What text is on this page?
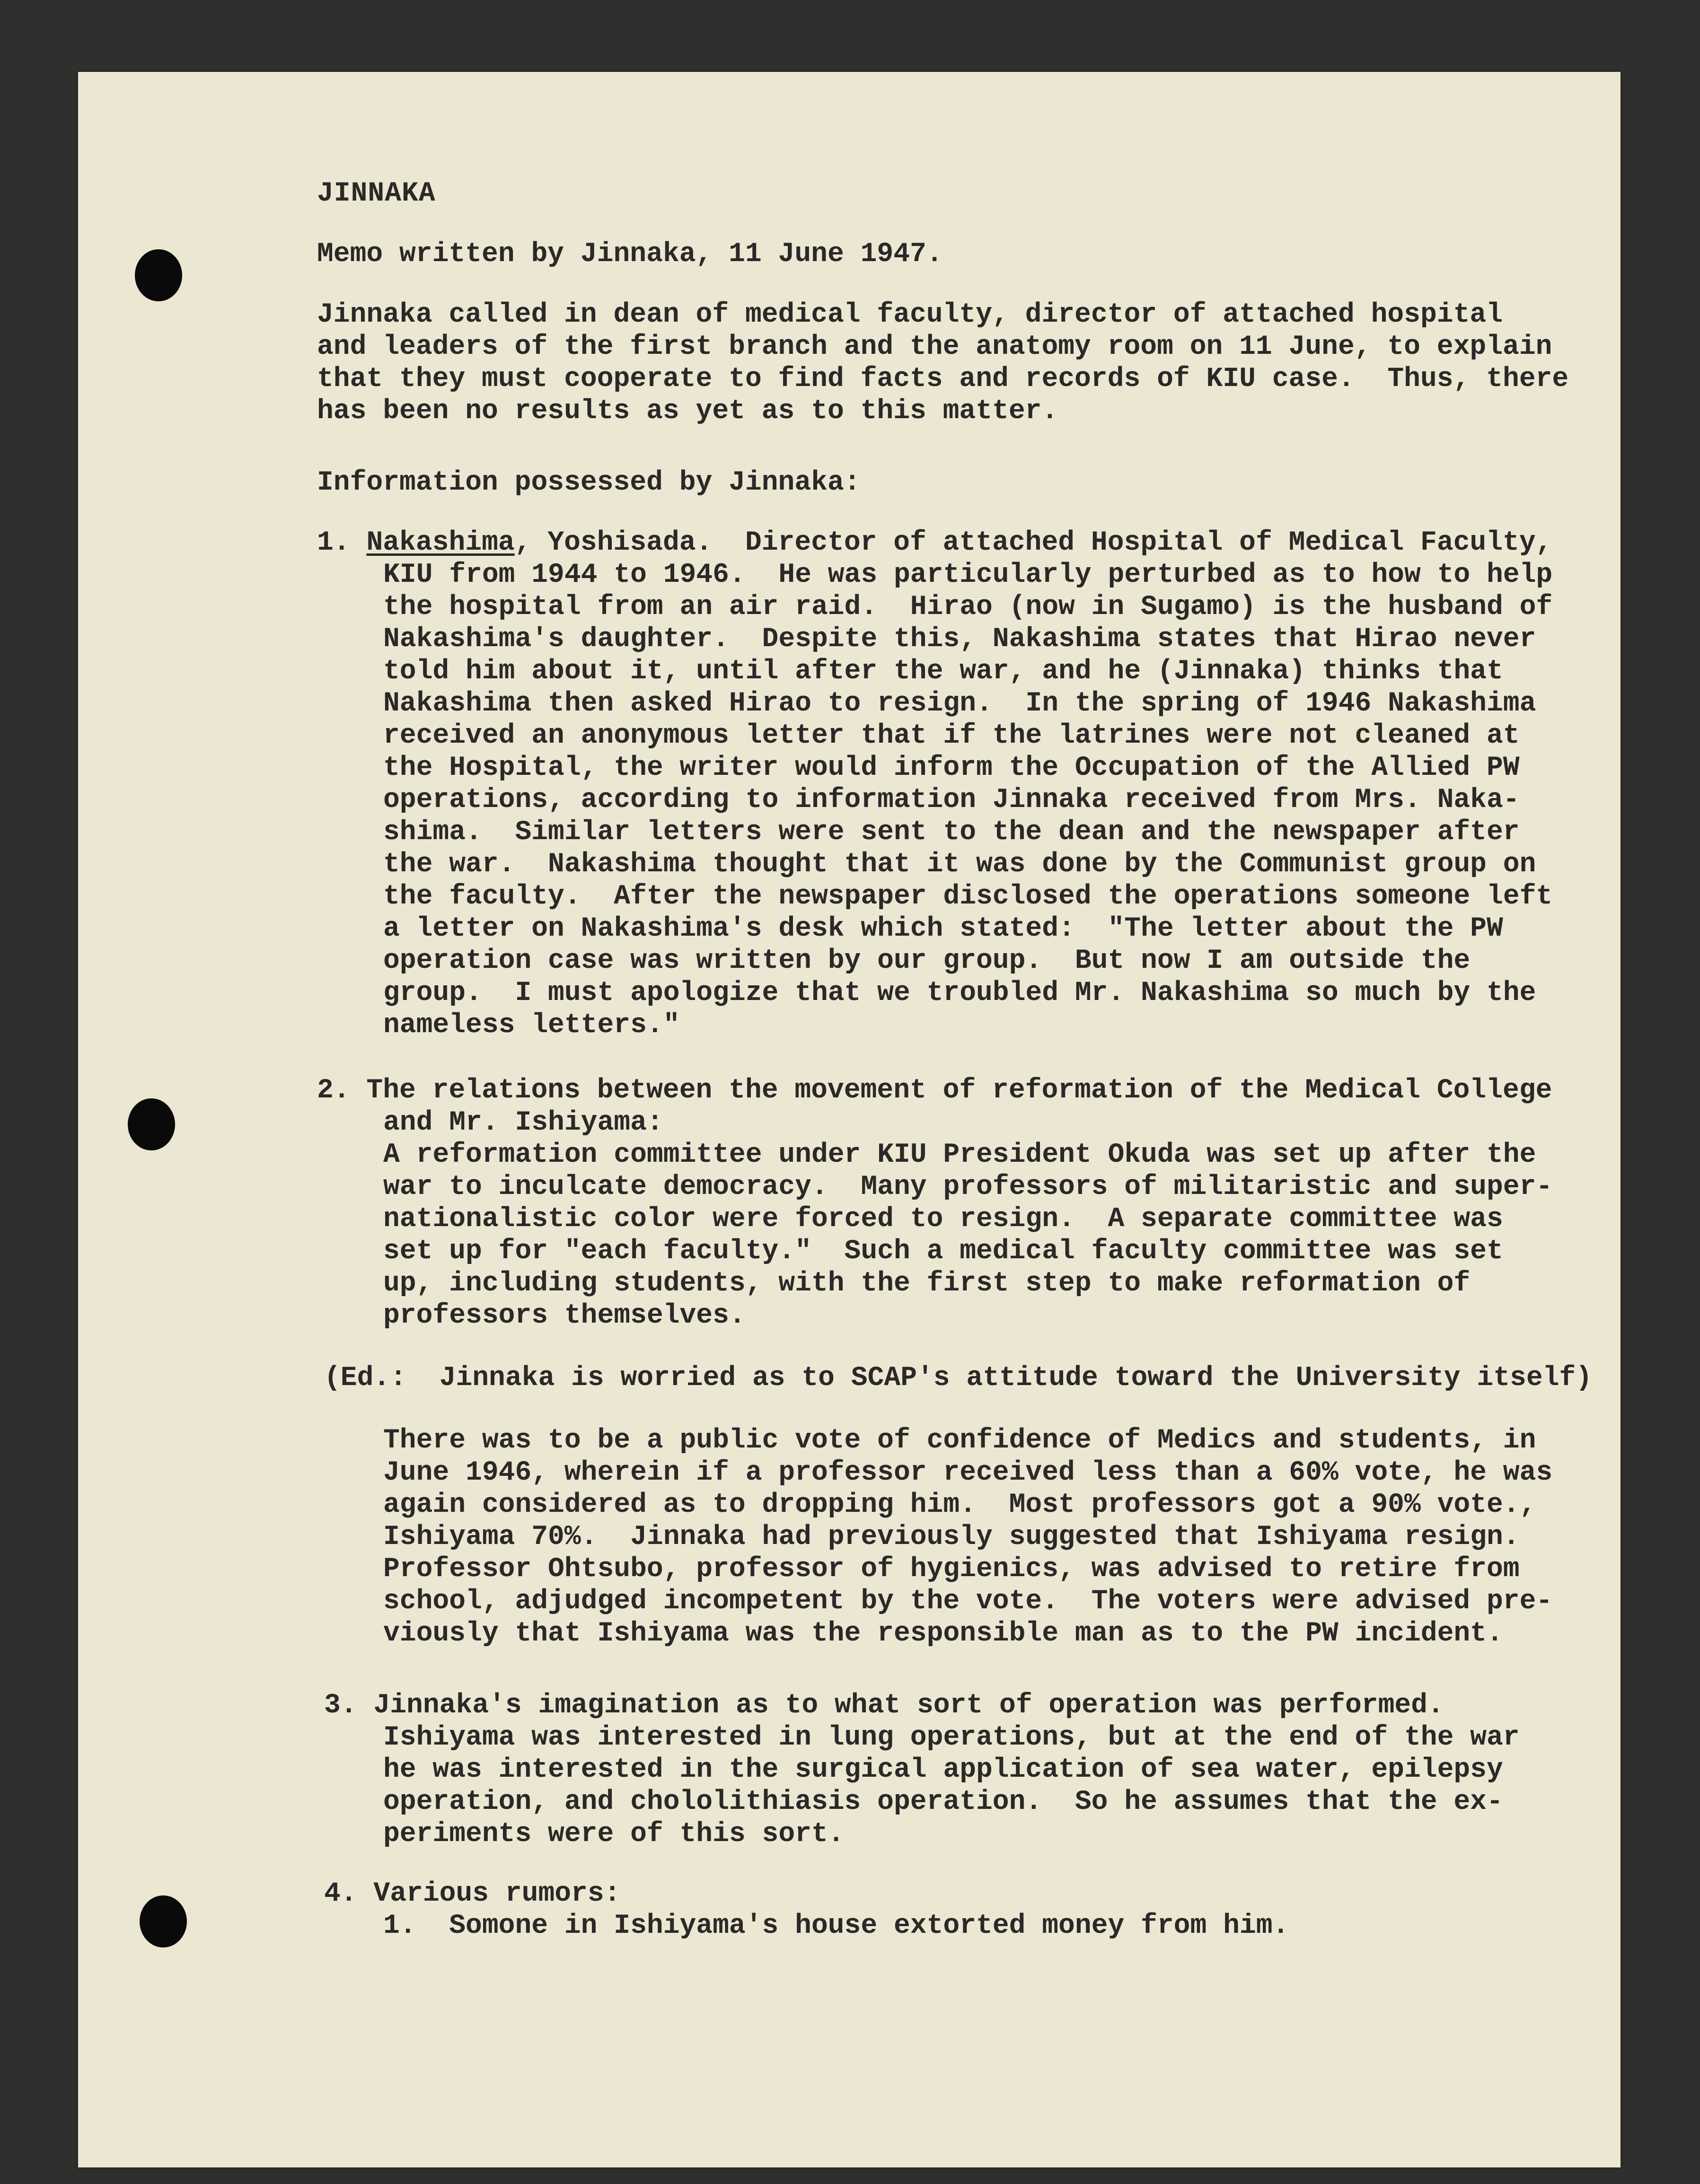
JINNAKA
Memo written by Jinnaka, 11 June 1947.
Jinnaka called in dean of medical faculty, director of attached hospital
and leaders of the first branch and the anatomy room on 11 June, to explain
that they must cooperate to find facts and records of KIU case.  Thus, there
has been no results as yet as to this matter.
Information possessed by Jinnaka:
1. Nakashima, Yoshisada.  Director of attached Hospital of Medical Faculty,
KIU from 1944 to 1946.  He was particularly perturbed as to how to help
the hospital from an air raid.  Hirao (now in Sugamo) is the husband of
Nakashima's daughter.  Despite this, Nakashima states that Hirao never
told him about it, until after the war, and he (Jinnaka) thinks that
Nakashima then asked Hirao to resign.  In the spring of 1946 Nakashima
received an anonymous letter that if the latrines were not cleaned at
the Hospital, the writer would inform the Occupation of the Allied PW
operations, according to information Jinnaka received from Mrs. Naka-
shima.  Similar letters were sent to the dean and the newspaper after
the war.  Nakashima thought that it was done by the Communist group on
the faculty.  After the newspaper disclosed the operations someone left
a letter on Nakashima's desk which stated:  "The letter about the PW
operation case was written by our group.  But now I am outside the
group.  I must apologize that we troubled Mr. Nakashima so much by the
nameless letters."
2. The relations between the movement of reformation of the Medical College
and Mr. Ishiyama:
A reformation committee under KIU President Okuda was set up after the
war to inculcate democracy.  Many professors of militaristic and super-
nationalistic color were forced to resign.  A separate committee was
set up for "each faculty."  Such a medical faculty committee was set
up, including students, with the first step to make reformation of
professors themselves.
(Ed.:  Jinnaka is worried as to SCAP's attitude toward the University itself)
There was to be a public vote of confidence of Medics and students, in
June 1946, wherein if a professor received less than a 60% vote, he was
again considered as to dropping him.  Most professors got a 90% vote.,
Ishiyama 70%.  Jinnaka had previously suggested that Ishiyama resign.
Professor Ohtsubo, professor of hygienics, was advised to retire from
school, adjudged incompetent by the vote.  The voters were advised pre-
viously that Ishiyama was the responsible man as to the PW incident.
3. Jinnaka's imagination as to what sort of operation was performed.
Ishiyama was interested in lung operations, but at the end of the war
he was interested in the surgical application of sea water, epilepsy
operation, and chololithiasis operation.  So he assumes that the ex-
periments were of this sort.
4. Various rumors:
1.  Somone in Ishiyama's house extorted money from him.
